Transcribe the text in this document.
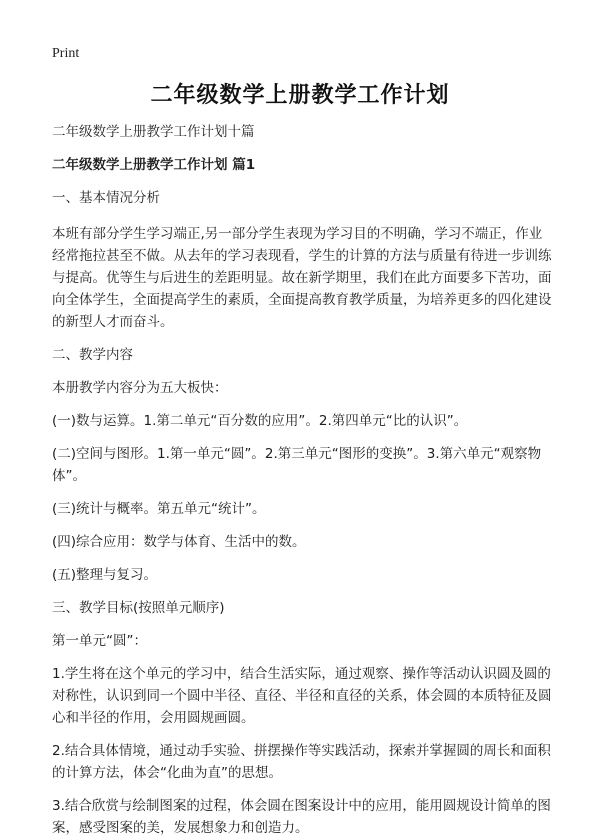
Print
二年级数学上册教学工作计划

二年级数学上册教学工作计划十篇

二年级数学上册教学工作计划 篇1

一、基本情况分析

本班有部分学生学习端正,另一部分学生表现为学习目的不明确，学习不端正，作业经常拖拉甚至不做。从去年的学习表现看，学生的计算的方法与质量有待进一步训练与提高。优等生与后进生的差距明显。故在新学期里，我们在此方面要多下苦功，面向全体学生，全面提高学生的素质，全面提高教育教学质量，为培养更多的四化建设的新型人才而奋斗。

二、教学内容

本册教学内容分为五大板快：

(一)数与运算。1.第二单元“百分数的应用”。2.第四单元“比的认识”。

(二)空间与图形。1.第一单元“圆”。2.第三单元“图形的变换”。3.第六单元“观察物体”。

(三)统计与概率。第五单元“统计”。

(四)综合应用：数学与体育、生活中的数。

(五)整理与复习。

三、教学目标(按照单元顺序)

第一单元“圆”：

1.学生将在这个单元的学习中，结合生活实际，通过观察、操作等活动认识圆及圆的对称性，认识到同一个圆中半径、直径、半径和直径的关系，体会圆的本质特征及圆心和半径的作用，会用圆规画圆。

2.结合具体情境，通过动手实验、拼摆操作等实践活动，探索并掌握圆的周长和面积的计算方法，体会“化曲为直”的思想。

3.结合欣赏与绘制图案的过程，体会圆在图案设计中的应用，能用圆规设计简单的图案，感受图案的美，发展想象力和创造力。
